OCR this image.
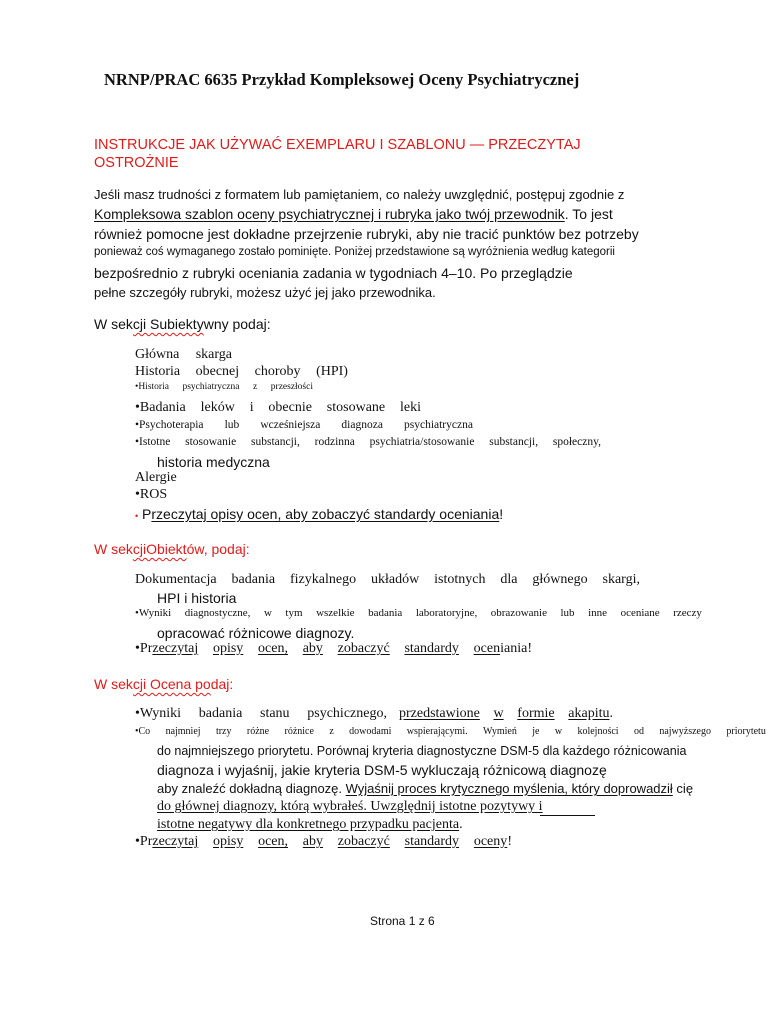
NRNP/PRAC 6635 Przykład Kompleksowej Oceny Psychiatrycznej
INSTRUKCJE JAK UŻYWAĆ EXEMPLARU I SZABLONU — PRZECZYTAJ
OSTROŻNIE
Jeśli masz trudności z formatem lub pamiętaniem, co należy uwzględnić, postępuj zgodnie z
Kompleksowa szablon oceny psychiatrycznej i rubryka jako twój przewodnik. To jest
również pomocne jest dokładne przejrzenie rubryki, aby nie tracić punktów bez potrzeby
ponieważ coś wymaganego zostało pominięte. Poniżej przedstawione są wyróżnienia według kategorii
bezpośrednio z rubryki oceniania zadania w tygodniach 4–10. Po przeglądzie
pełne szczegóły rubryki, możesz użyć jej jako przewodnika.
W sekcji Subiektywny podaj:
Główna skarga
Historia obecnej choroby (HPI)
•Historia psychiatryczna z przeszłości
•Badania leków i obecnie stosowane leki
•Psychoterapia lub wcześniejsza diagnoza psychiatryczna
•Istotne stosowanie substancji, rodzinna psychiatria/stosowanie substancji, społeczny,
historia medyczna
Alergie
•ROS
• Przeczytaj opisy ocen, aby zobaczyć standardy oceniania!
W sekcjiObiektów, podaj:
Dokumentacja badania fizykalnego układów istotnych dla głównego skargi,
HPI i historia
•Wyniki diagnostyczne, w tym wszelkie badania laboratoryjne, obrazowanie lub inne oceniane rzeczy
opracować różnicowe diagnozy.
•Pr zeczytaj opisy ocen, aby zobaczyć standardy ocen iania!
W sekcji Ocena podaj:
•Wyniki badania stanu psychicznego, przedstawione w formie akapitu .
•Co najmniej trzy różne różnice z dowodami wspierającymi. Wymień je w kolejności od najwyższego priorytetu
do najmniejszego priorytetu. Porównaj kryteria diagnostyczne DSM-5 dla każdego różnicowania
diagnoza i wyjaśnij, jakie kryteria DSM-5 wykluczają różnicową diagnozę
aby znaleźć dokładną diagnozę. Wyjaśnij proces krytycznego myślenia, który doprowadził cię
do głównej diagnozy, którą wybrałeś. Uwzględnij istotne pozytywy i
istotne negatywy dla konkretnego przypadku pacjenta.
•Pr zeczytaj opisy ocen, aby zobaczyć standardy oceny !
Strona 1 z 6
